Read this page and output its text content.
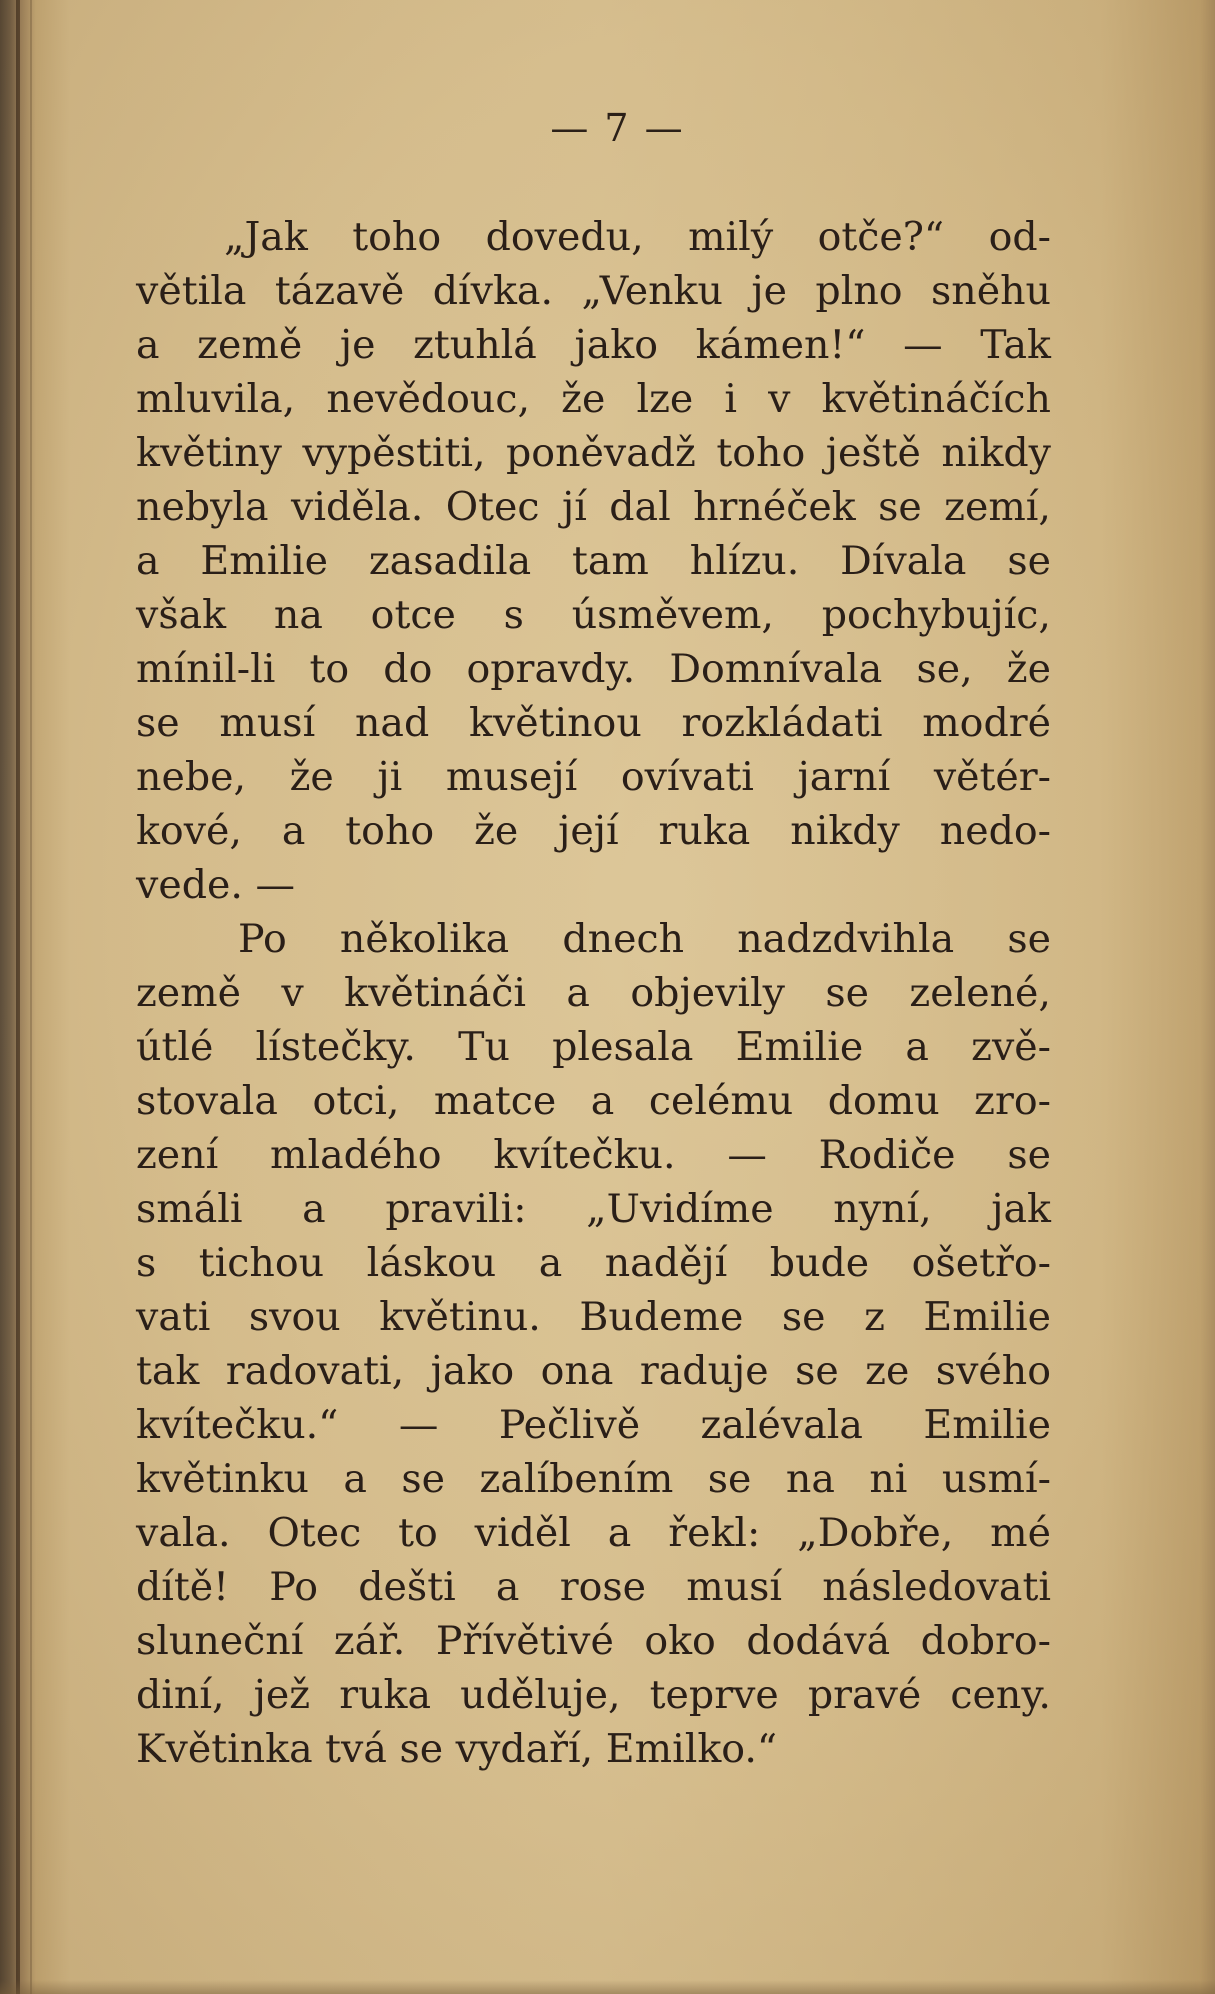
— 7 —
„Jak toho dovedu, milý otče?“ od-
větila tázavě dívka. „Venku je plno sněhu
a země je ztuhlá jako kámen!“ — Tak
mluvila, nevědouc, že lze i v květináčích
květiny vypěstiti, poněvadž toho ještě nikdy
nebyla viděla. Otec jí dal hrnéček se zemí,
a Emilie zasadila tam hlízu. Dívala se
však na otce s úsměvem, pochybujíc,
mínil-li to do opravdy. Domnívala se, že
se musí nad květinou rozkládati modré
nebe, že ji musejí ovívati jarní větér-
kové, a toho že její ruka nikdy nedo-
vede. —
Po několika dnech nadzdvihla se
země v květináči a objevily se zelené,
útlé lístečky. Tu plesala Emilie a zvě-
stovala otci, matce a celému domu zro-
zení mladého kvítečku. — Rodiče se
smáli a pravili: „Uvidíme nyní, jak
s tichou láskou a nadějí bude ošetřo-
vati svou květinu. Budeme se z Emilie
tak radovati, jako ona raduje se ze svého
kvítečku.“ — Pečlivě zalévala Emilie
květinku a se zalíbením se na ni usmí-
vala. Otec to viděl a řekl: „Dobře, mé
dítě! Po dešti a rose musí následovati
sluneční zář. Přívětivé oko dodává dobro-
diní, jež ruka uděluje, teprve pravé ceny.
Květinka tvá se vydaří, Emilko.“
